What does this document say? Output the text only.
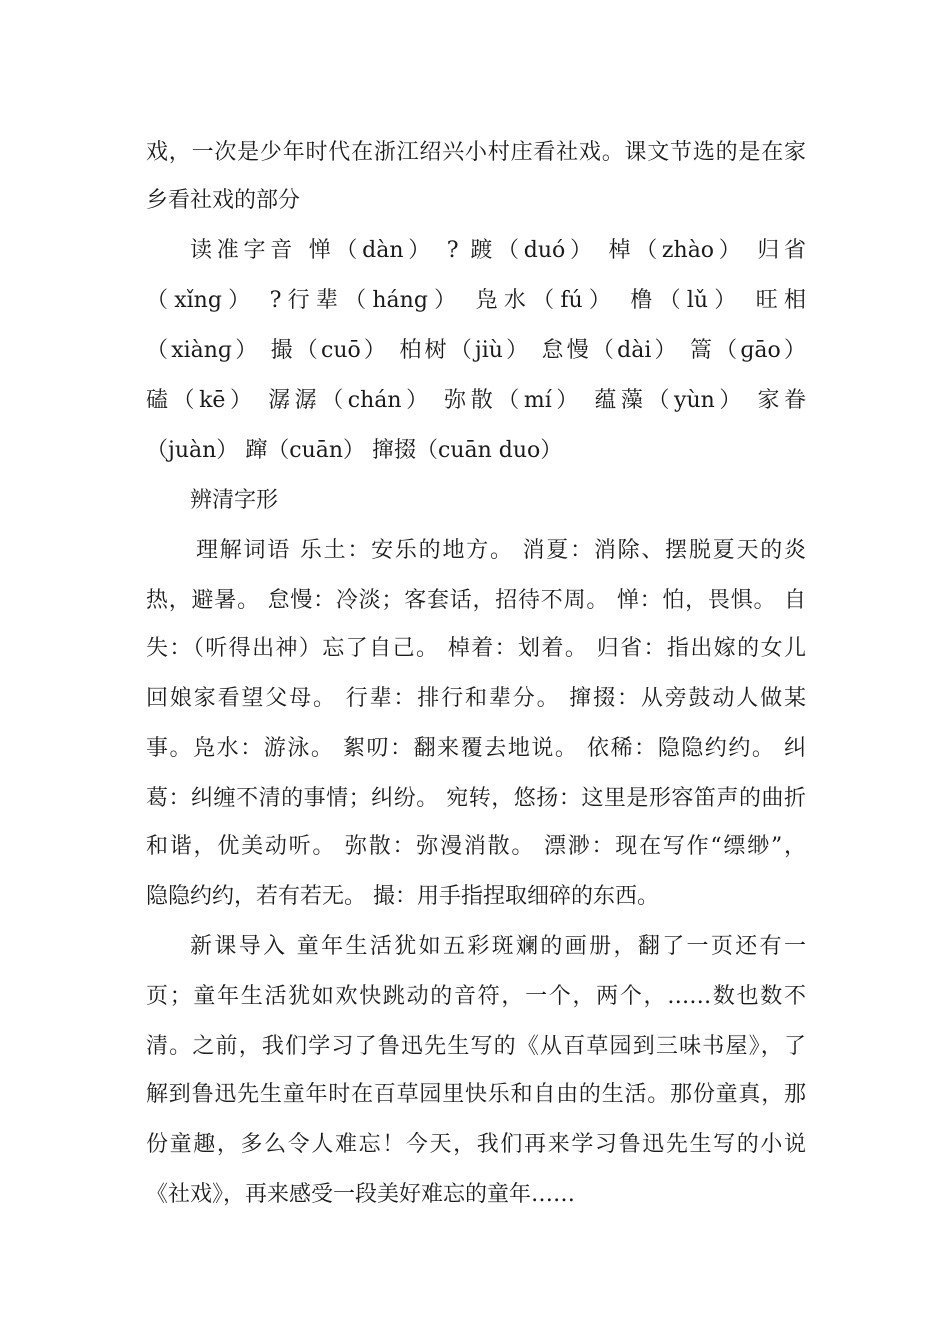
戏，一次是少年时代在浙江绍兴小村庄看社戏。课文节选的是在家
乡看社戏的部分
读准字音 惮（dàn） ? 踱（duó） 棹（zhào） 归省
（xǐng） ?行辈（háng） 凫水（fú） 橹（lǔ） 旺相
（xiànɡ） 撮（cuō） 柏树（jiù） 怠慢（dài） 篙（ɡāo）
磕（kē） 潺潺（chán） 弥散（mí） 蕴藻（yùn） 家眷
（juàn） 蹿（cuān） 撺掇（cuān duo）
辨清字形
理解词语 乐土：安乐的地方。 消夏：消除、摆脱夏天的炎
热，避暑。 怠慢：冷淡；客套话，招待不周。 惮：怕，畏惧。 自
失：（听得出神）忘了自己。 棹着：划着。 归省：指出嫁的女儿
回娘家看望父母。 行辈：排行和辈分。 撺掇：从旁鼓动人做某
事。凫水：游泳。 絮叨：翻来覆去地说。 依稀：隐隐约约。 纠
葛：纠缠不清的事情；纠纷。 宛转，悠扬：这里是形容笛声的曲折
和谐，优美动听。 弥散：弥漫消散。 漂渺：现在写作“缥缈”，
隐隐约约，若有若无。 撮：用手指捏取细碎的东西。
新课导入 童年生活犹如五彩斑斓的画册，翻了一页还有一
页；童年生活犹如欢快跳动的音符，一个，两个，……数也数不
清。之前，我们学习了鲁迅先生写的《从百草园到三味书屋》，了
解到鲁迅先生童年时在百草园里快乐和自由的生活。那份童真，那
份童趣，多么令人难忘！今天，我们再来学习鲁迅先生写的小说
《社戏》，再来感受一段美好难忘的童年……
